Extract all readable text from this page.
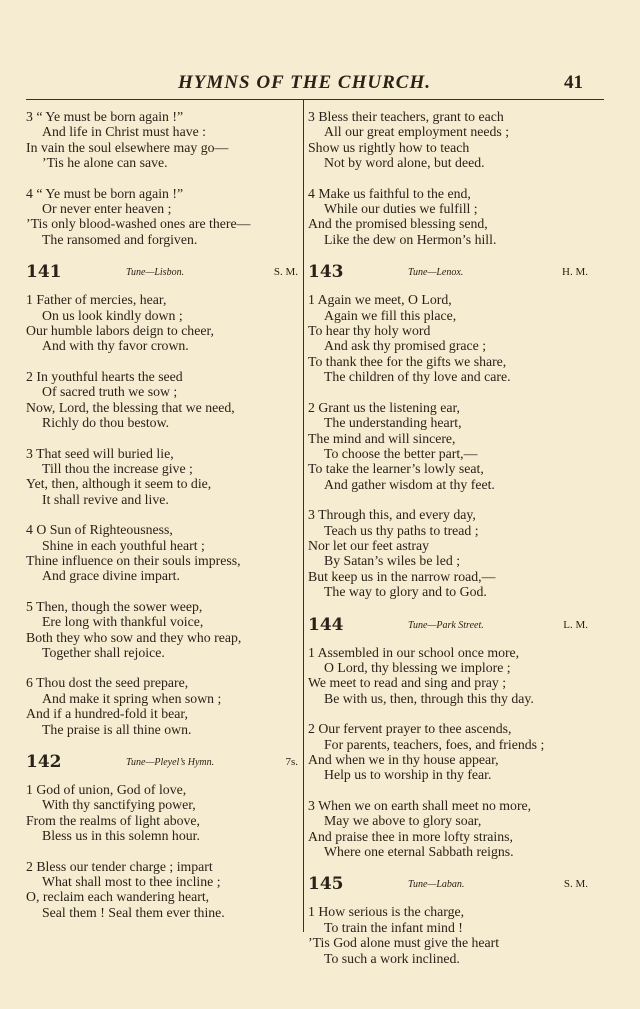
HYMNS OF THE CHURCH.	41
3 “ Ye must be born again !”
And life in Christ must have :
In vain the soul elsewhere may go—
’Tis he alone can save.
4 “ Ye must be born again !”
Or never enter heaven ;
’Tis only blood-washed ones are there—
The ransomed and forgiven.
141	Tune—Lisbon.	S. M.
1 Father of mercies, hear,
On us look kindly down ;
Our humble labors deign to cheer,
And with thy favor crown.
2 In youthful hearts the seed
Of sacred truth we sow ;
Now, Lord, the blessing that we need,
Richly do thou bestow.
3 That seed will buried lie,
Till thou the increase give ;
Yet, then, although it seem to die,
It shall revive and live.
4 O Sun of Righteousness,
Shine in each youthful heart ;
Thine influence on their souls impress,
And grace divine impart.
5 Then, though the sower weep,
Ere long with thankful voice,
Both they who sow and they who reap,
Together shall rejoice.
6 Thou dost the seed prepare,
And make it spring when sown ;
And if a hundred-fold it bear,
The praise is all thine own.
142	Tune—Pleyel’s Hymn.	7s.
1 God of union, God of love,
With thy sanctifying power,
From the realms of light above,
Bless us in this solemn hour.
2 Bless our tender charge ; impart
What shall most to thee incline ;
O, reclaim each wandering heart,
Seal them ! Seal them ever thine.
3 Bless their teachers, grant to each
All our great employment needs ;
Show us rightly how to teach
Not by word alone, but deed.
4 Make us faithful to the end,
While our duties we fulfill ;
And the promised blessing send,
Like the dew on Hermon’s hill.
143	Tune—Lenox.	H. M.
1 Again we meet, O Lord,
Again we fill this place,
To hear thy holy word
And ask thy promised grace ;
To thank thee for the gifts we share,
The children of thy love and care.
2 Grant us the listening ear,
The understanding heart,
The mind and will sincere,
To choose the better part,—
To take the learner’s lowly seat,
And gather wisdom at thy feet.
3 Through this, and every day,
Teach us thy paths to tread ;
Nor let our feet astray
By Satan’s wiles be led ;
But keep us in the narrow road,—
The way to glory and to God.
144	Tune—Park Street.	L. M.
1 Assembled in our school once more,
O Lord, thy blessing we implore ;
We meet to read and sing and pray ;
Be with us, then, through this thy day.
2 Our fervent prayer to thee ascends,
For parents, teachers, foes, and friends ;
And when we in thy house appear,
Help us to worship in thy fear.
3 When we on earth shall meet no more,
May we above to glory soar,
And praise thee in more lofty strains,
Where one eternal Sabbath reigns.
145	Tune—Laban.	S. M.
1 How serious is the charge,
To train the infant mind !
’Tis God alone must give the heart
To such a work inclined.
